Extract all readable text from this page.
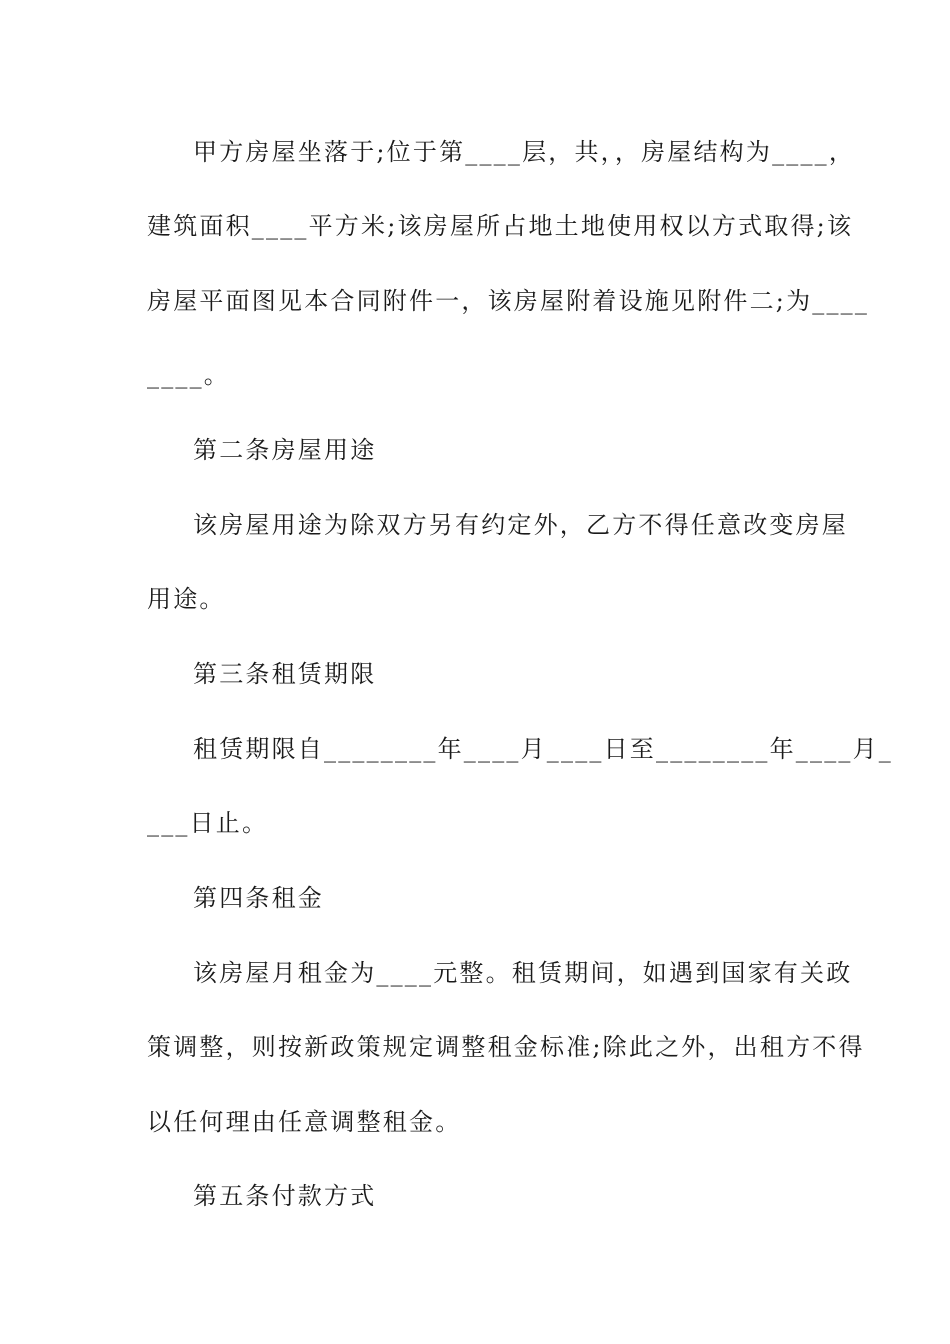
甲方房屋坐落于;位于第____层，共，，房屋结构为____，
建筑面积____平方米;该房屋所占地土地使用权以方式取得;该
房屋平面图见本合同附件一，该房屋附着设施见附件二;为____
____。
第二条房屋用途
该房屋用途为除双方另有约定外，乙方不得任意改变房屋
用途。
第三条租赁期限
租赁期限自________年____月____日至________年____月_
___日止。
第四条租金
该房屋月租金为____元整。租赁期间，如遇到国家有关政
策调整，则按新政策规定调整租金标准;除此之外，出租方不得
以任何理由任意调整租金。
第五条付款方式
